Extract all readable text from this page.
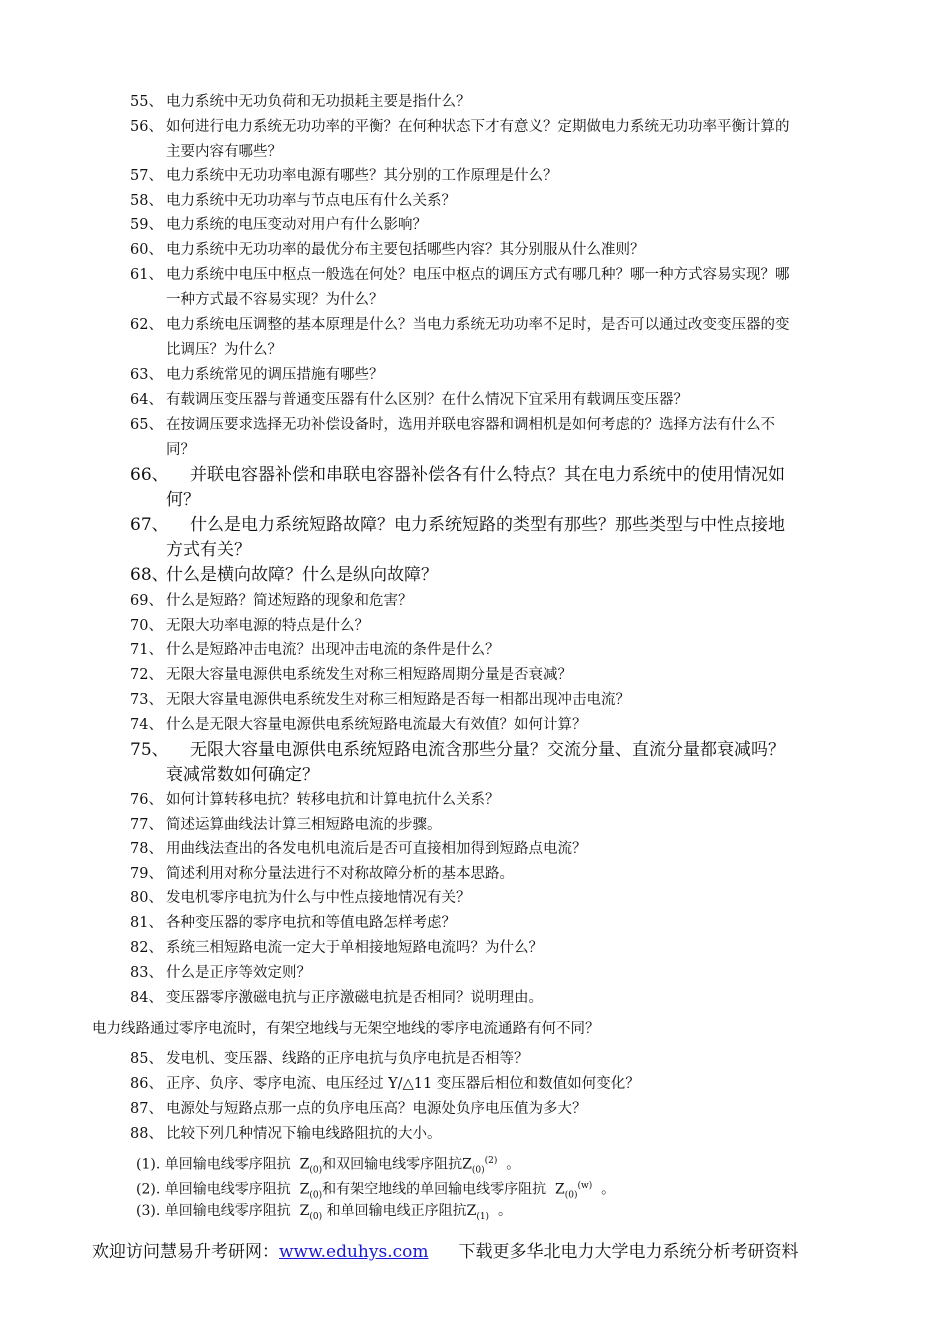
55、 电力系统中无功负荷和无功损耗主要是指什么？
56、 如何进行电力系统无功功率的平衡？在何种状态下才有意义？定期做电力系统无功功率平衡计算的主要内容有哪些？
57、 电力系统中无功功率电源有哪些？其分别的工作原理是什么？
58、 电力系统中无功功率与节点电压有什么关系？
59、 电力系统的电压变动对用户有什么影响？
60、 电力系统中无功功率的最优分布主要包括哪些内容？其分别服从什么准则？
61、 电力系统中电压中枢点一般选在何处？电压中枢点的调压方式有哪几种？哪一种方式容易实现？哪一种方式最不容易实现？为什么？
62、 电力系统电压调整的基本原理是什么？当电力系统无功功率不足时，是否可以通过改变变压器的变比调压？为什么？
63、 电力系统常见的调压措施有哪些？
64、 有载调压变压器与普通变压器有什么区别？在什么情况下宜采用有载调压变压器？
65、 在按调压要求选择无功补偿设备时，选用并联电容器和调相机是如何考虑的？选择方法有什么不同？
66、	并联电容器补偿和串联电容器补偿各有什么特点？其在电力系统中的使用情况如何？
67、	什么是电力系统短路故障？电力系统短路的类型有那些？那些类型与中性点接地方式有关？
68、
什么是横向故障？什么是纵向故障？
69、 什么是短路？简述短路的现象和危害？
70、 无限大功率电源的特点是什么？
71、 什么是短路冲击电流？出现冲击电流的条件是什么？
72、 无限大容量电源供电系统发生对称三相短路周期分量是否衰减？
73、 无限大容量电源供电系统发生对称三相短路是否每一相都出现冲击电流？
74、 什么是无限大容量电源供电系统短路电流最大有效值？如何计算？
75、	无限大容量电源供电系统短路电流含那些分量？交流分量、直流分量都衰减吗？衰减常数如何确定？
76、 如何计算转移电抗？转移电抗和计算电抗什么关系？
77、 简述运算曲线法计算三相短路电流的步骤。
78、 用曲线法查出的各发电机电流后是否可直接相加得到短路点电流？
79、 简述利用对称分量法进行不对称故障分析的基本思路。
80、 发电机零序电抗为什么与中性点接地情况有关？
81、 各种变压器的零序电抗和等值电路怎样考虑？
82、 系统三相短路电流一定大于单相接地短路电流吗？为什么？
83、 什么是正序等效定则？
84、 变压器零序激磁电抗与正序激磁电抗是否相同？说明理由。
电力线路通过零序电流时，有架空地线与无架空地线的零序电流通路有何不同？
85、 发电机、变压器、线路的正序电抗与负序电抗是否相等？
86、 正序、负序、零序电流、电压经过 Y/△11 变压器后相位和数值如何变化？
87、 电源处与短路点那一点的负序电压高？电源处负序电压值为多大？
88、 比较下列几种情况下输电线路阻抗的大小。
(1). 单回输电线零序阻抗 $Z_{(0)}$和双回输电线零序阻抗$Z_{(0)}^{(2)}$ 。
(2). 单回输电线零序阻抗 $Z_{(0)}$和有架空地线的单回输电线零序阻抗 $Z_{(0)}^{(w)}$ 。
(3). 单回输电线零序阻抗 $Z_{(0)}$ 和单回输电线正序阻抗$Z_{(1)}$ 。
欢迎访问慧易升考研网：www.eduhys.com 下载更多华北电力大学电力系统分析考研资料
